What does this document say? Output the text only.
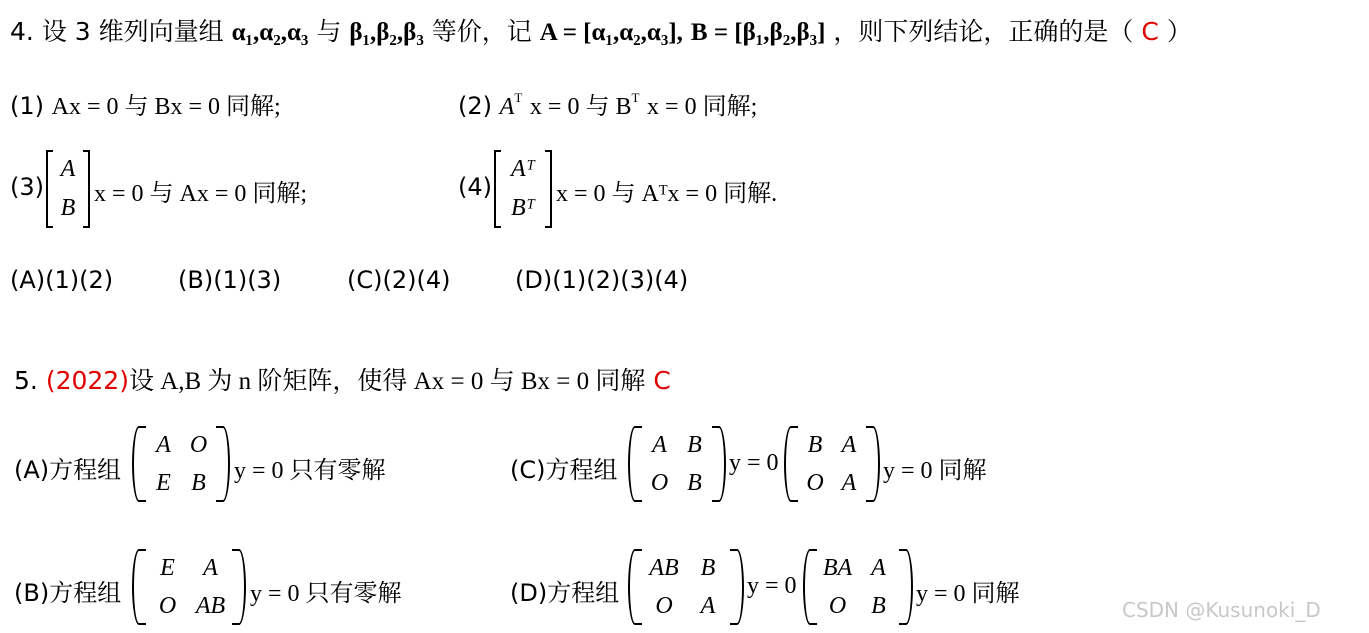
4. 设 3 维列向量组 α₁,α₂,α₃ 与 β₁,β₂,β₃ 等价，记 A = [α₁,α₂,α₃], B = [β₁,β₂,β₃] ，则下列结论，正确的是（ C ）
(1) Ax = 0 与 Bx = 0 同解;	(2) $A^T$ x = 0 与 $B^T$ x = 0 同解;
(3)
A
B
x = 0 与 Ax = 0 同解;	(4)
Aᵀ
Bᵀ
x = 0 与 Aᵀx = 0 同解.
(A)(1)(2)	(B)(1)(3)	(C)(2)(4)	(D)(1)(2)(3)(4)
5. (2022)设 A,B 为 n 阶矩阵，使得 Ax = 0 与 Bx = 0 同解 C
(A)方程组
A O
E B y = 0 只有零解
(B)方程组
E A
O AB y = 0 只有零解
(C)方程组
A B
O B
y = 0
B A
O A y = 0 同解
(D)方程组
AB B
O A
y = 0
BA A
O B y = 0 同解
CSDN @Kusunoki_D
